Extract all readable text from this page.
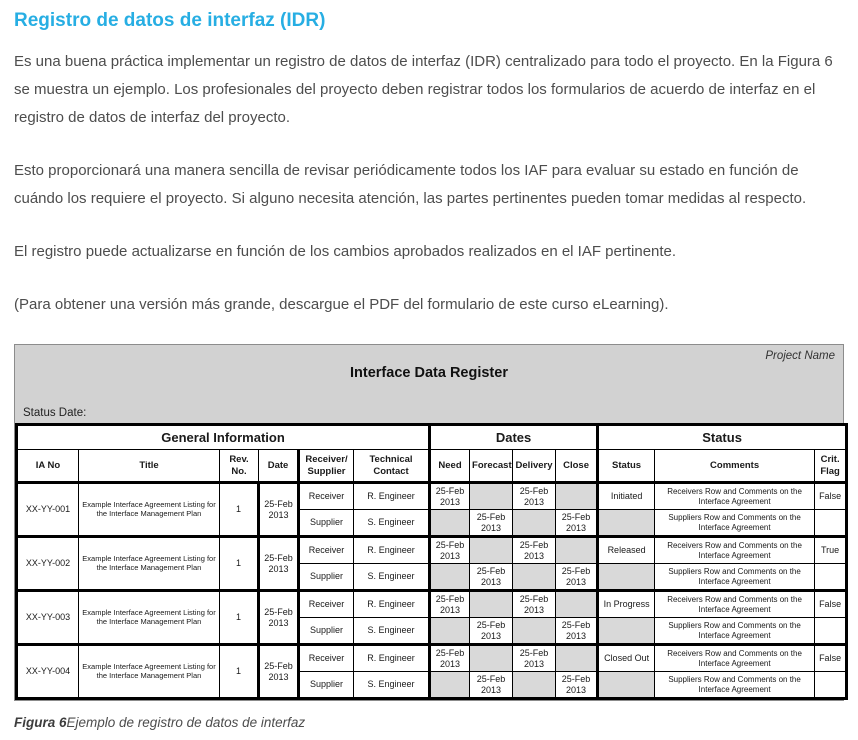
Registro de datos de interfaz (IDR)

Es una buena práctica implementar un registro de datos de interfaz (IDR) centralizado para todo el proyecto. En la Figura 6 se muestra un ejemplo. Los profesionales del proyecto deben registrar todos los formularios de acuerdo de interfaz en el registro de datos de interfaz del proyecto.

Esto proporcionará una manera sencilla de revisar periódicamente todos los IAF para evaluar su estado en función de cuándo los requiere el proyecto. Si alguno necesita atención, las partes pertinentes pueden tomar medidas al respecto.

El registro puede actualizarse en función de los cambios aprobados realizados en el IAF pertinente.

(Para obtener una versión más grande, descargue el PDF del formulario de este curso eLearning).

Project Name
Interface Data Register
Status Date:
General Information						Dates				Status		
IA No	Title	Rev. No.	Date	Receiver/ Supplier	Technical Contact	Need	Forecast	Delivery	Close	Status	Comments	Crit. Flag
XX-YY-001	Example Interface Agreement Listing for the Interface Management Plan	1	25-Feb 2013	Receiver	R. Engineer	25-Feb 2013		25-Feb 2013		Initiated	Receivers Row and Comments on the Interface Agreement	False
				Supplier	S. Engineer		25-Feb 2013		25-Feb 2013		Suppliers Row and Comments on the Interface Agreement	
XX-YY-002	Example Interface Agreement Listing for the Interface Management Plan	1	25-Feb 2013	Receiver	R. Engineer	25-Feb 2013		25-Feb 2013		Released	Receivers Row and Comments on the Interface Agreement	True
				Supplier	S. Engineer		25-Feb 2013		25-Feb 2013		Suppliers Row and Comments on the Interface Agreement	
XX-YY-003	Example Interface Agreement Listing for the Interface Management Plan	1	25-Feb 2013	Receiver	R. Engineer	25-Feb 2013		25-Feb 2013		In Progress	Receivers Row and Comments on the Interface Agreement	False
				Supplier	S. Engineer		25-Feb 2013		25-Feb 2013		Suppliers Row and Comments on the Interface Agreement	
XX-YY-004	Example Interface Agreement Listing for the Interface Management Plan	1	25-Feb 2013	Receiver	R. Engineer	25-Feb 2013		25-Feb 2013		Closed Out	Receivers Row and Comments on the Interface Agreement	False
				Supplier	S. Engineer		25-Feb 2013		25-Feb 2013		Suppliers Row and Comments on the Interface Agreement	

Figura 6Ejemplo de registro de datos de interfaz
